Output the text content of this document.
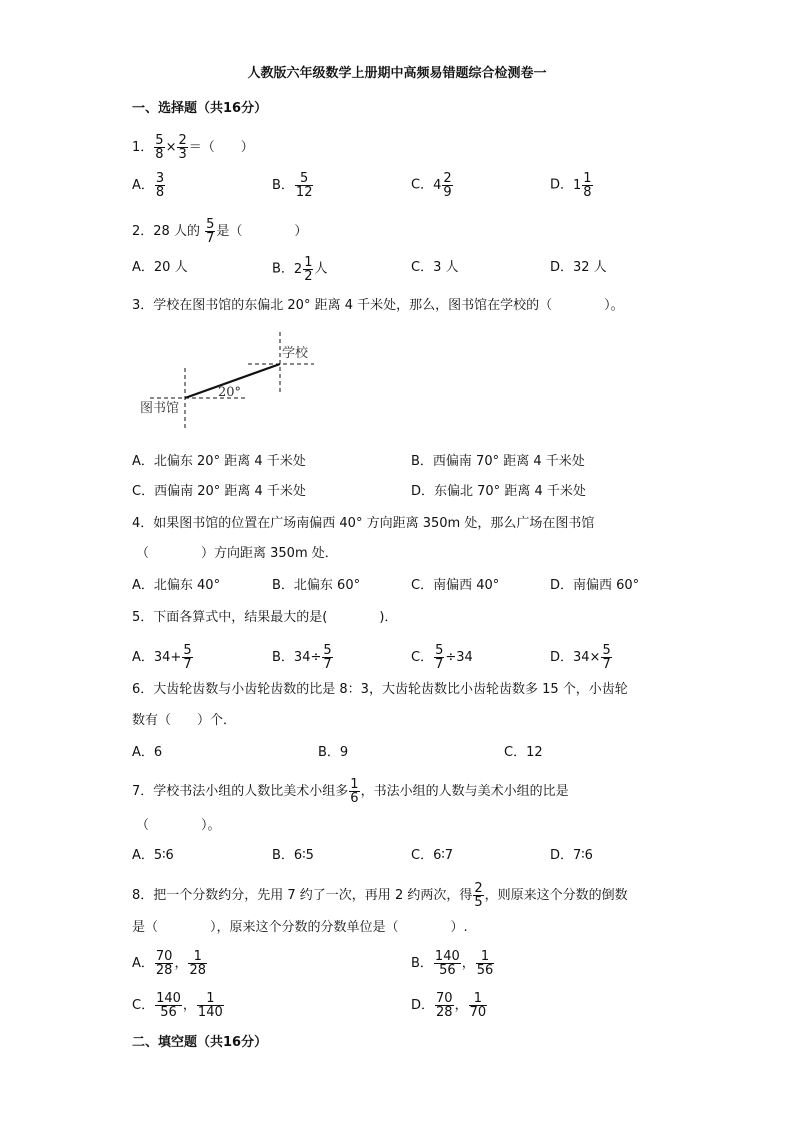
人教版六年级数学上册期中高频易错题综合检测卷一
一、选择题（共16分）
1． $\frac{5}{8} \times \frac{2}{3}$ ＝（　　）
A． $\frac{3}{8}$	B． $\frac{5}{12}$	C． $4 \frac{2}{9}$	D． $1 \frac{1}{8}$
2．28 人的 $\frac{5}{7}$ 是（　　　　）
A．20 人	B． $2 \frac{1}{2}$ 人	C．3 人	D．32 人
3．学校在图书馆的东偏北 20° 距离 4 千米处，那么，图书馆在学校的（　　　　）。
学校
图书馆
20°
A．北偏东 20° 距离 4 千米处	B．西偏南 70° 距离 4 千米处
C．西偏南 20° 距离 4 千米处	D．东偏北 70° 距离 4 千米处
4．如果图书馆的位置在广场南偏西 40° 方向距离 350m 处，那么广场在图书馆
（　　　　）方向距离 350m 处．
A．北偏东 40°	B．北偏东 60°	C．南偏西 40°	D．南偏西 60°
5．下面各算式中，结果最大的是(　　　　)．
A．$34+ \frac{5}{7}$	B．$34\div \frac{5}{7}$	C． $\frac{5}{7} \div 34$	D．$34\times \frac{5}{7}$
6．大齿轮齿数与小齿轮齿数的比是 8：3，大齿轮齿数比小齿轮齿数多 15 个，小齿轮
数有（　　）个．
A．6	B．9	C．12
7．学校书法小组的人数比美术小组多 $\frac{1}{6}$ ，书法小组的人数与美术小组的比是
（　　　　）。
A．5∶6	B．6∶5	C．6∶7	D．7∶6
8．把一个分数约分，先用 7 约了一次，再用 2 约两次，得 $\frac{2}{5}$ ，则原来这个分数的倒数
是（　　　　），原来这个分数的分数单位是（　　　　）.
A． $\frac{70}{28}$ ， $\frac{1}{28}$	B． $\frac{140}{56}$ ， $\frac{1}{56}$
C． $\frac{140}{56}$ ， $\frac{1}{140}$	D． $\frac{70}{28}$ ， $\frac{1}{70}$
二、填空题（共16分）
